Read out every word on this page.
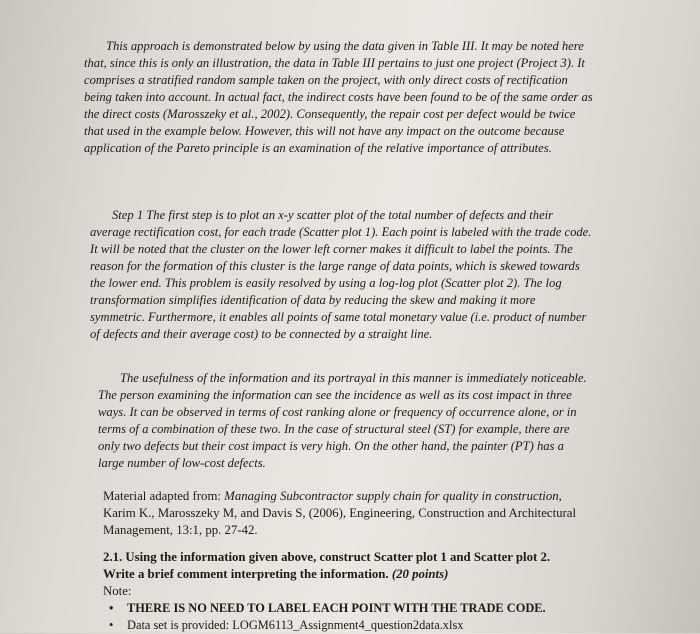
This approach is demonstrated below by using the data given in Table III. It may be noted here that, since this is only an illustration, the data in Table III pertains to just one project (Project 3). It comprises a stratified random sample taken on the project, with only direct costs of rectification being taken into account. In actual fact, the indirect costs have been found to be of the same order as the direct costs (Marosszeky et al., 2002). Consequently, the repair cost per defect would be twice that used in the example below. However, this will not have any impact on the outcome because application of the Pareto principle is an examination of the relative importance of attributes.

Step 1 The first step is to plot an x-y scatter plot of the total number of defects and their average rectification cost, for each trade (Scatter plot 1). Each point is labeled with the trade code. It will be noted that the cluster on the lower left corner makes it difficult to label the points. The reason for the formation of this cluster is the large range of data points, which is skewed towards the lower end. This problem is easily resolved by using a log-log plot (Scatter plot 2). The log transformation simplifies identification of data by reducing the skew and making it more symmetric. Furthermore, it enables all points of same total monetary value (i.e. product of number of defects and their average cost) to be connected by a straight line.

The usefulness of the information and its portrayal in this manner is immediately noticeable. The person examining the information can see the incidence as well as its cost impact in three ways. It can be observed in terms of cost ranking alone or frequency of occurrence alone, or in terms of a combination of these two. In the case of structural steel (ST) for example, there are only two defects but their cost impact is very high. On the other hand, the painter (PT) has a large number of low-cost defects.

Material adapted from: Managing Subcontractor supply chain for quality in construction, Karim K., Marosszeky M, and Davis S, (2006), Engineering, Construction and Architectural Management, 13:1, pp. 27-42.

2.1. Using the information given above, construct Scatter plot 1 and Scatter plot 2. Write a brief comment interpreting the information. (20 points)

Note:

• THERE IS NO NEED TO LABEL EACH POINT WITH THE TRADE CODE.
• Data set is provided: LOGM6113_Assignment4_question2data.xlsx
